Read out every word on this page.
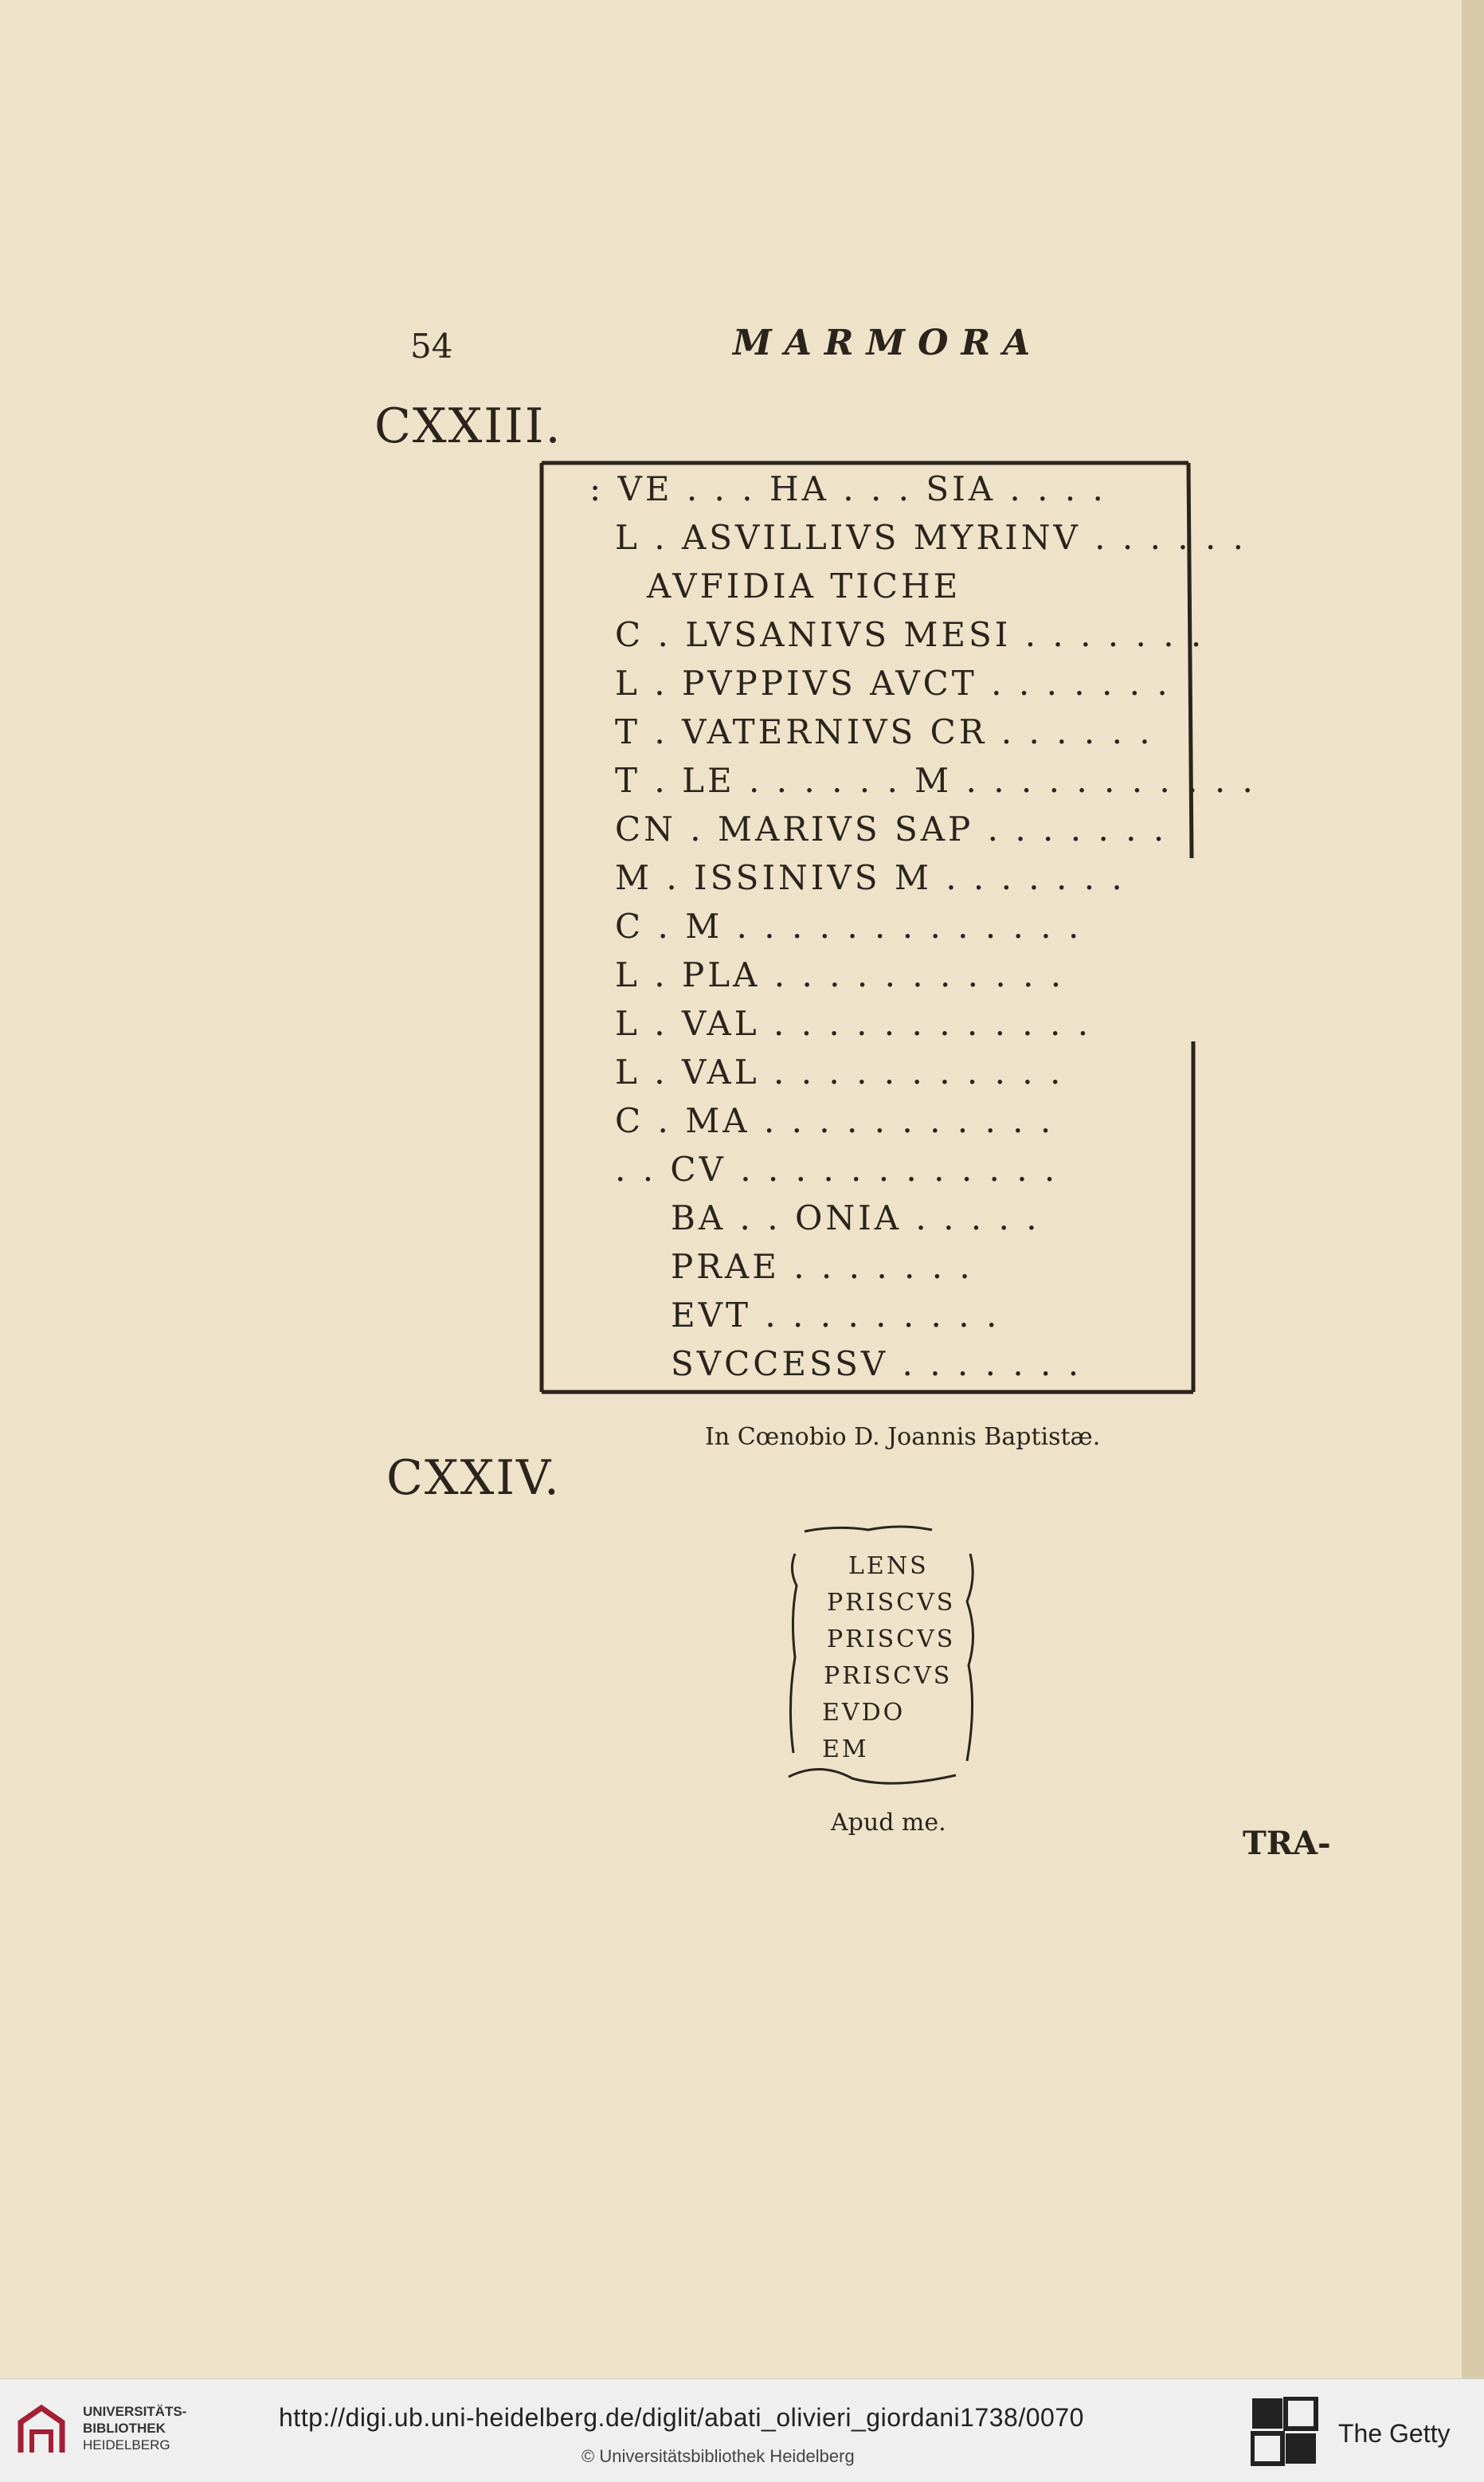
54	MARMORA
CXXIII.
: VE . . . HA . . . SIA . . . .
L . ASVILLIVS MYRINV . . . . . .
AVFIDIA TICHE
C . LVSANIVS MESI . . . . . . .
L . PVPPIVS AVCT . . . . . . .
T . VATERNIVS CR . . . . . .
T . LE . . . . . . M . . . . . . . . . . .
CN . MARIVS SAP . . . . . . .
M . ISSINIVS M . . . . . . .
C . M . . . . . . . . . . . . .
L . PLA . . . . . . . . . . .
L . VAL . . . . . . . . . . . .
L . VAL . . . . . . . . . . .
C . MA . . . . . . . . . . .
. . CV . . . . . . . . . . . .
BA . . ONIA . . . . .
PRAE . . . . . . .
EVT . . . . . . . . .
SVCCESSV . . . . . . .
In Cœnobio D. Joannis Baptistæ.
CXXIV.
LENS
PRISCVS
PRISCVS
PRISCVS
EVDO
EM
Apud me.
TRA-
UNIVERSITÄTS-
BIBLIOTHEK
HEIDELBERG
http://digi.ub.uni-heidelberg.de/diglit/abati_olivieri_giordani1738/0070
© Universitätsbibliothek Heidelberg
The Getty
